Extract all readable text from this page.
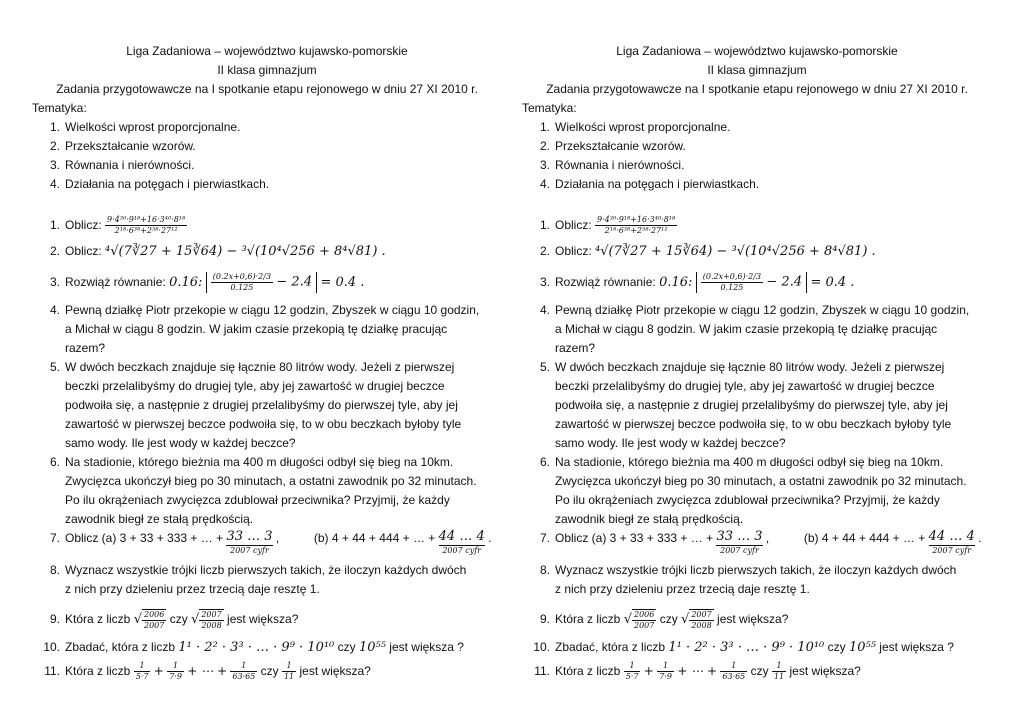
Liga Zadaniowa – województwo kujawsko-pomorskie

II klasa gimnazjum

Zadania przygotowawcze na I spotkanie etapu rejonowego w dniu 27 XI 2010 r.

Tematyka:
1. Wielkości wprost proporcjonalne.
2. Przekształcanie wzorów.
3. Równania i nierówności.
4. Działania na potęgach i pierwiastkach.
1. Oblicz: $\frac{\text{9·4³⁰·9¹⁸+16·3⁴⁰·8¹⁸}}{\text{2¹⁸·6³⁸+2⁵⁸·27¹²}}$
2. Oblicz: ⁴√(7∛27 + 15∛64) − ³√(10⁴√256 + 8⁴√81) .
3. Rozwiąż równanie: 0.16: $\frac{(0.2x+0,6)\cdot 2/3}{0.125} - 2.4 = 0.4$ .
4. Pewną działkę Piotr przekopie w ciągu 12 godzin, Zbyszek w ciągu 10 godzin,
a Michał w ciągu 8 godzin. W jakim czasie przekopią tę działkę pracując
razem?
5. W dwóch beczkach znajduje się łącznie 80 litrów wody. Jeżeli z pierwszej
beczki przelalibyśmy do drugiej tyle, aby jej zawartość w drugiej beczce
podwoiła się, a następnie z drugiej przelalibyśmy do pierwszej tyle, aby jej
zawartość w pierwszej beczce podwoiła się, to w obu beczkach byłoby tyle
samo wody. Ile jest wody w każdej beczce?
6. Na stadionie, którego bieżnia ma 400 m długości odbył się bieg na 10km.
Zwycięzca ukończył bieg po 30 minutach, a ostatni zawodnik po 32 minutach.
Po ilu okrążeniach zwycięzca zdublował przeciwnika? Przyjmij, że każdy
zawodnik biegł ze stałą prędkością.
7. Oblicz (a) 3 + 33 + 333 + … + 33 … 3
2007 cyfr
,	(b) 4 + 44 + 444 + … + 44 … 4
2007 cyfr
.
8. Wyznacz wszystkie trójki liczb pierwszych takich, że iloczyn każdych dwóch
z nich przy dzieleniu przez trzecią daje resztę 1.
9. Która z liczb √ $\frac{2006}{2007}$ czy √ $\frac{2007}{2008}$ jest większa?
10. Zbadać, która z liczb 1¹ · 2² · 3³ · … · 9⁹ · 10¹⁰ czy 10⁵⁵ jest większa ?
11. Która z liczb $\frac{1}{5\cdot 7} + \frac{1}{7\cdot 9}$ + ⋯ + $\frac{1}{63\cdot 65}$ czy $\frac{1}{11}$ jest większa?

Liga Zadaniowa – województwo kujawsko-pomorskie

II klasa gimnazjum

Zadania przygotowawcze na I spotkanie etapu rejonowego w dniu 27 XI 2010 r.

Tematyka:
1. Wielkości wprost proporcjonalne.
2. Przekształcanie wzorów.
3. Równania i nierówności.
4. Działania na potęgach i pierwiastkach.
1. Oblicz: $\frac{\text{9·4³⁰·9¹⁸+16·3⁴⁰·8¹⁸}}{\text{2¹⁸·6³⁸+2⁵⁸·27¹²}}$
2. Oblicz: ⁴√(7∛27 + 15∛64) − ³√(10⁴√256 + 8⁴√81) .
3. Rozwiąż równanie: 0.16: $\frac{(0.2x+0,6)\cdot 2/3}{0.125} - 2.4 = 0.4$ .
4. Pewną działkę Piotr przekopie w ciągu 12 godzin, Zbyszek w ciągu 10 godzin,
a Michał w ciągu 8 godzin. W jakim czasie przekopią tę działkę pracując
razem?
5. W dwóch beczkach znajduje się łącznie 80 litrów wody. Jeżeli z pierwszej
beczki przelalibyśmy do drugiej tyle, aby jej zawartość w drugiej beczce
podwoiła się, a następnie z drugiej przelalibyśmy do pierwszej tyle, aby jej
zawartość w pierwszej beczce podwoiła się, to w obu beczkach byłoby tyle
samo wody. Ile jest wody w każdej beczce?
6. Na stadionie, którego bieżnia ma 400 m długości odbył się bieg na 10km.
Zwycięzca ukończył bieg po 30 minutach, a ostatni zawodnik po 32 minutach.
Po ilu okrążeniach zwycięzca zdublował przeciwnika? Przyjmij, że każdy
zawodnik biegł ze stałą prędkością.
7. Oblicz (a) 3 + 33 + 333 + … + 33 … 3
2007 cyfr
,	(b) 4 + 44 + 444 + … + 44 … 4
2007 cyfr
.
8. Wyznacz wszystkie trójki liczb pierwszych takich, że iloczyn każdych dwóch
z nich przy dzieleniu przez trzecią daje resztę 1.
9. Która z liczb √ $\frac{2006}{2007}$ czy √ $\frac{2007}{2008}$ jest większa?
10. Zbadać, która z liczb 1¹ · 2² · 3³ · … · 9⁹ · 10¹⁰ czy 10⁵⁵ jest większa ?
11. Która z liczb $\frac{1}{5\cdot 7} + \frac{1}{7\cdot 9}$ + ⋯ + $\frac{1}{63\cdot 65}$ czy $\frac{1}{11}$ jest większa?
